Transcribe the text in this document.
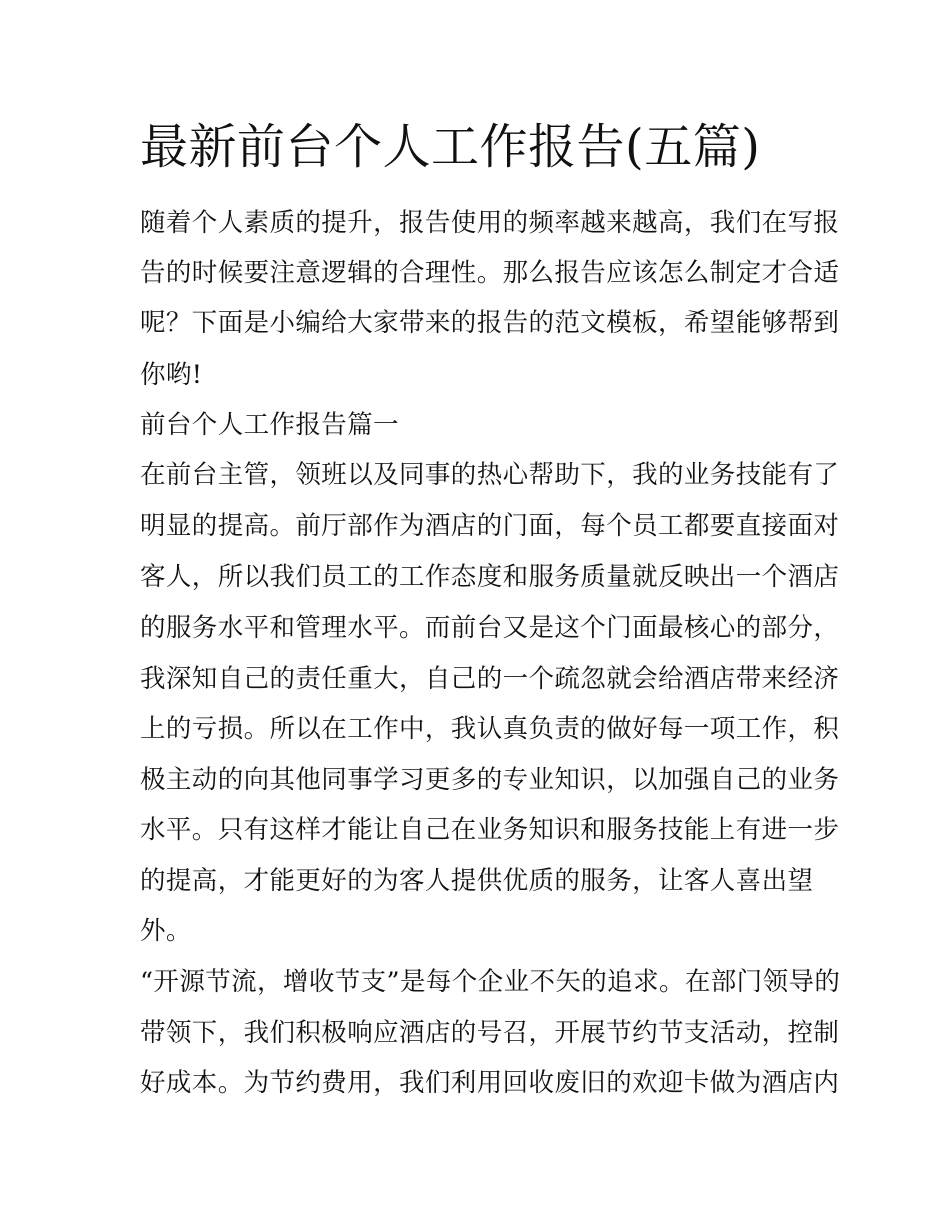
最新前台个人工作报告(五篇)

随着个人素质的提升，报告使用的频率越来越高，我们在写报

告的时候要注意逻辑的合理性。那么报告应该怎么制定才合适

呢？下面是小编给大家带来的报告的范文模板，希望能够帮到

你哟!

前台个人工作报告篇一

在前台主管，领班以及同事的热心帮助下，我的业务技能有了

明显的提高。前厅部作为酒店的门面，每个员工都要直接面对

客人，所以我们员工的工作态度和服务质量就反映出一个酒店

的服务水平和管理水平。而前台又是这个门面最核心的部分，

我深知自己的责任重大，自己的一个疏忽就会给酒店带来经济

上的亏损。所以在工作中，我认真负责的做好每一项工作，积

极主动的向其他同事学习更多的专业知识，以加强自己的业务

水平。只有这样才能让自己在业务知识和服务技能上有进一步

的提高，才能更好的为客人提供优质的服务，让客人喜出望

外。

“开源节流，增收节支”是每个企业不矢的追求。在部门领导的

带领下，我们积极响应酒店的号召，开展节约节支活动，控制

好成本。为节约费用，我们利用回收废旧的欢迎卡做为酒店内
